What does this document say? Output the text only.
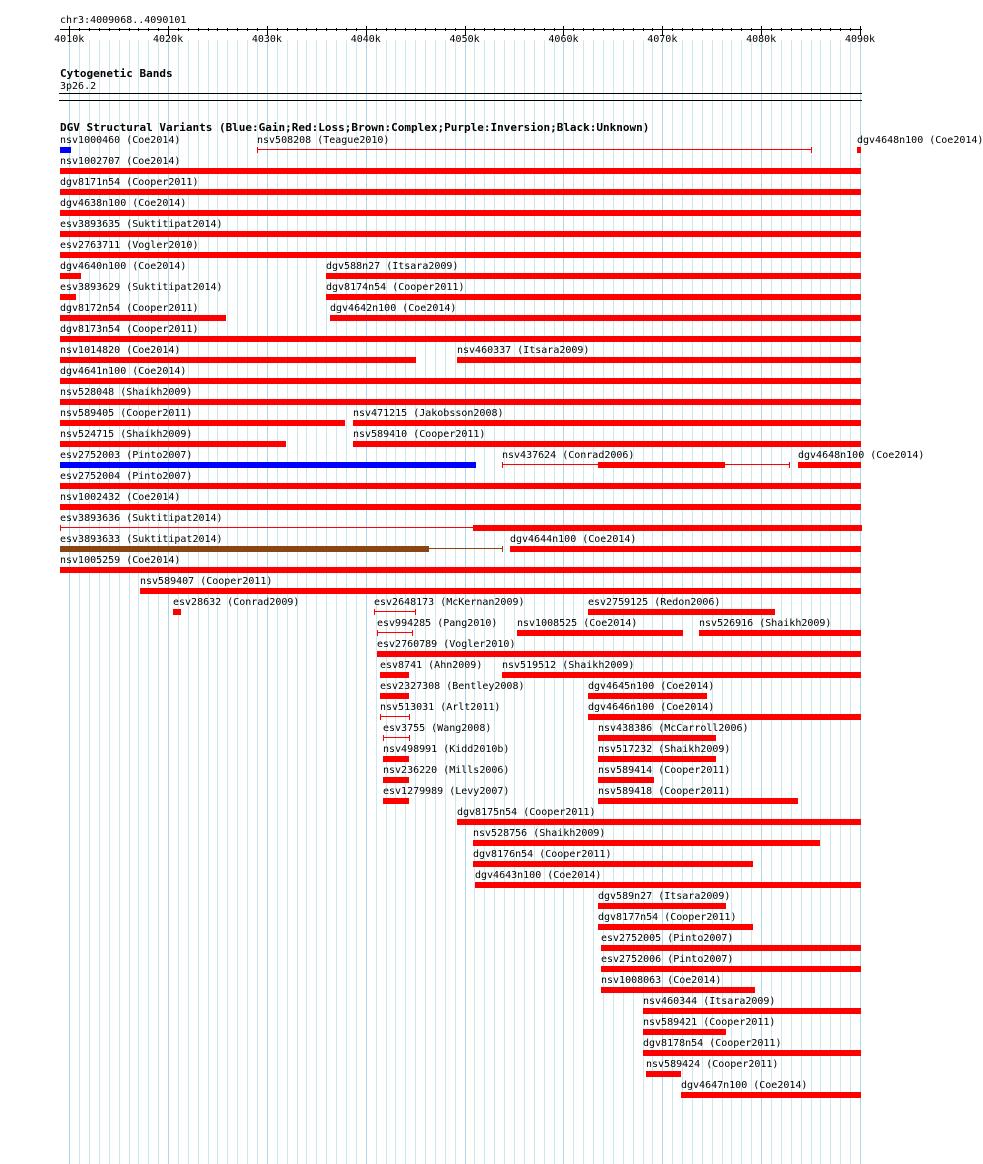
chr3:4009068..4090101
4010k	4020k	4030k	4040k	4050k	4060k	4070k	4080k	4090k
Cytogenetic Bands
3p26.2
DGV Structural Variants (Blue:Gain;Red:Loss;Brown:Complex;Purple:Inversion;Black:Unknown)
nsv1000460 (Coe2014)	nsv508208 (Teague2010)	dgv4648n100 (Coe2014)
nsv1002707 (Coe2014)
dgv8171n54 (Cooper2011)
dgv4638n100 (Coe2014)
esv3893635 (Suktitipat2014)
esv2763711 (Vogler2010)
dgv4640n100 (Coe2014)	dgv588n27 (Itsara2009)
esv3893629 (Suktitipat2014)	dgv8174n54 (Cooper2011)
dgv8172n54 (Cooper2011)	dgv4642n100 (Coe2014)
dgv8173n54 (Cooper2011)
nsv1014820 (Coe2014)	nsv460337 (Itsara2009)
dgv4641n100 (Coe2014)
nsv528048 (Shaikh2009)
nsv589405 (Cooper2011)	nsv471215 (Jakobsson2008)
nsv524715 (Shaikh2009)	nsv589410 (Cooper2011)
esv2752003 (Pinto2007)	nsv437624 (Conrad2006)	dgv4648n100 (Coe2014)
esv2752004 (Pinto2007)
nsv1002432 (Coe2014)
esv3893636 (Suktitipat2014)
esv3893633 (Suktitipat2014)	dgv4644n100 (Coe2014)
nsv1005259 (Coe2014)
nsv589407 (Cooper2011)
esv28632 (Conrad2009)	esv2648173 (McKernan2009)	esv2759125 (Redon2006)
esv994285 (Pang2010) nsv1008525 (Coe2014)	nsv526916 (Shaikh2009)
esv2760789 (Vogler2010)
esv8741 (Ahn2009) nsv519512 (Shaikh2009)
esv2327308 (Bentley2008)	dgv4645n100 (Coe2014)
nsv513031 (Arlt2011)	dgv4646n100 (Coe2014)
esv3755 (Wang2008)	nsv438386 (McCarroll2006)
nsv498991 (Kidd2010b)	nsv517232 (Shaikh2009)
nsv236220 (Mills2006)	nsv589414 (Cooper2011)
esv1279989 (Levy2007)	nsv589418 (Cooper2011)
dgv8175n54 (Cooper2011)
nsv528756 (Shaikh2009)
dgv8176n54 (Cooper2011)
dgv4643n100 (Coe2014)
dgv589n27 (Itsara2009)
dgv8177n54 (Cooper2011)
esv2752005 (Pinto2007)
esv2752006 (Pinto2007)
nsv1008063 (Coe2014)
nsv460344 (Itsara2009)
nsv589421 (Cooper2011)
dgv8178n54 (Cooper2011)
nsv589424 (Cooper2011)
dgv4647n100 (Coe2014)
